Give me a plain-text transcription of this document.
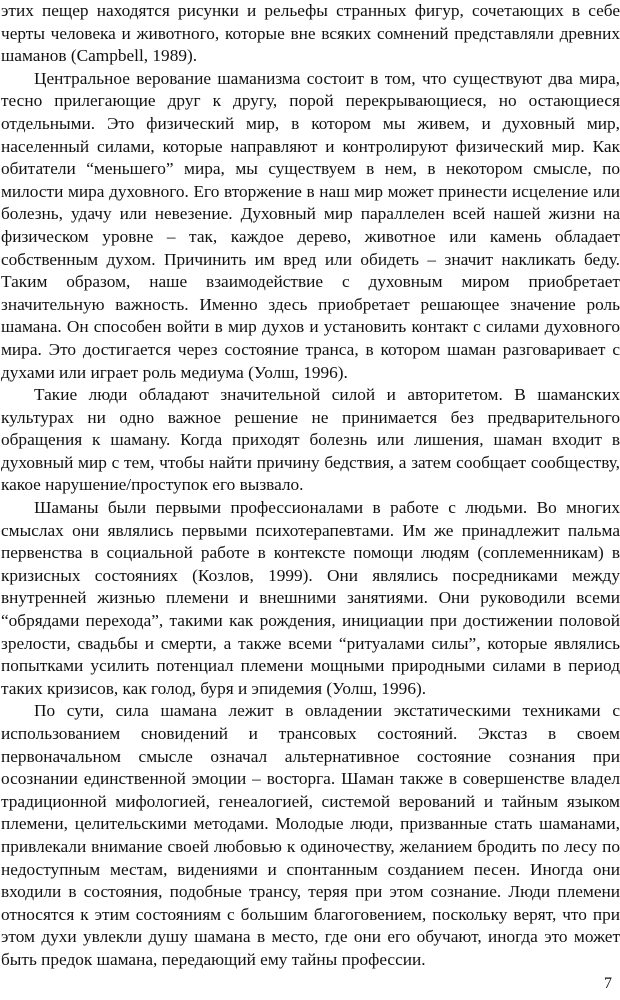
этих пещер находятся рисунки и рельефы странных фигур, сочетающих в себе черты человека и животного, которые вне всяких сомнений представляли древних шаманов (Campbell, 1989).

Центральное верование шаманизма состоит в том, что существуют два мира, тесно прилегающие друг к другу, порой перекрывающиеся, но остающиеся отдельными. Это физический мир, в котором мы живем, и духовный мир, населенный силами, которые направляют и контролируют физический мир. Как обитатели “меньшего” мира, мы существуем в нем, в некотором смысле, по милости мира духовного. Его вторжение в наш мир может принести исцеление или болезнь, удачу или невезение. Духовный мир параллелен всей нашей жизни на физическом уровне – так, каждое дерево, животное или камень обладает собственным духом. Причинить им вред или обидеть – значит накликать беду. Таким образом, наше взаимодействие с духовным миром приобретает значительную важность. Именно здесь приобретает решающее значение роль шамана. Он способен войти в мир духов и установить контакт с силами духовного мира. Это достигается через состояние транса, в котором шаман разговаривает с духами или играет роль медиума (Уолш, 1996).

Такие люди обладают значительной силой и авторитетом. В шаманских культурах ни одно важное решение не принимается без предварительного обращения к шаману. Когда приходят болезнь или лишения, шаман входит в духовный мир с тем, чтобы найти причину бедствия, а затем сообщает сообществу, какое нарушение/проступок его вызвало.

Шаманы были первыми профессионалами в работе с людьми. Во многих смыслах они являлись первыми психотерапевтами. Им же принадлежит пальма первенства в социальной работе в контексте помощи людям (соплеменникам) в кризисных состояниях (Козлов, 1999). Они являлись посредниками между внутренней жизнью племени и внешними занятиями. Они руководили всеми “обрядами перехода”, такими как рождения, инициации при достижении половой зрелости, свадьбы и смерти, а также всеми “ритуалами силы”, которые являлись попытками усилить потенциал племени мощными природными силами в период таких кризисов, как голод, буря и эпидемия (Уолш, 1996).

По сути, сила шамана лежит в овладении экстатическими техниками с использованием сновидений и трансовых состояний. Экстаз в своем первоначальном смысле означал альтернативное состояние сознания при осознании единственной эмоции – восторга. Шаман также в совершенстве владел традиционной мифологией, генеалогией, системой верований и тайным языком племени, целительскими методами. Молодые люди, призванные стать шаманами, привлекали внимание своей любовью к одиночеству, желанием бродить по лесу по недоступным местам, видениями и спонтанным созданием песен. Иногда они входили в состояния, подобные трансу, теряя при этом сознание. Люди племени относятся к этим состояниям с большим благоговением, поскольку верят, что при этом духи увлекли душу шамана в место, где они его обучают, иногда это может быть предок шамана, передающий ему тайны профессии.

7
